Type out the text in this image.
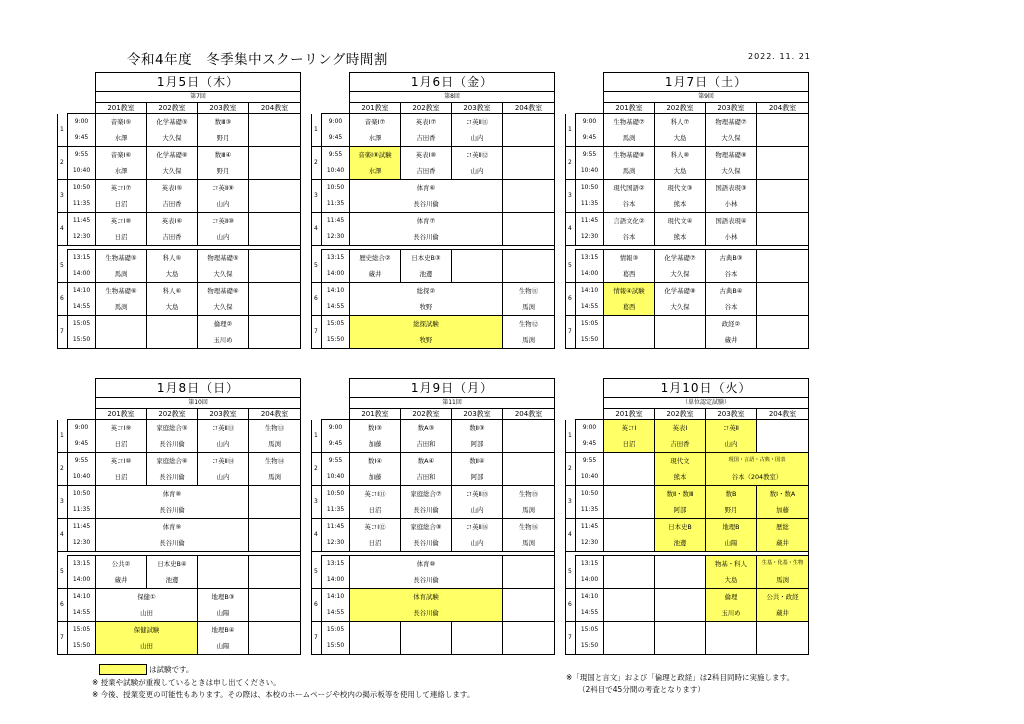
令和4年度　冬季集中スクーリング時間割	2022. 11. 21
		1月5日（木）			
		第7回			
		201教室	202教室	203教室	204教室
1	9:00	音楽Ⅰ⑤	化学基礎⑤	数Ⅲ③	
	9:45	水澤	大久保	野月	
2	9:55	音楽Ⅰ⑥	化学基礎⑥	数Ⅲ④	
	10:40	水澤	大久保	野月	
3	10:50	英コⅠ⑦	英表Ⅰ⑤	コ英Ⅱ⑨	
	11:35	日沼	吉田香	山内	
4	11:45	英コⅠ⑧	英表Ⅰ⑥	コ英Ⅱ⑩	
	12:30	日沼	吉田香	山内	

5	13:15	生物基礎⑤	科人⑤	物理基礎⑤	
	14:00	馬渕	大島	大久保	
6	14:10	生物基礎⑥	科人⑥	物理基礎⑥	
	14:55	馬渕	大島	大久保	
7	15:05			倫理②	
	15:50			玉川め	
		1月6日（金）			
		第8回			
		201教室	202教室	203教室	204教室
1	9:00	音楽Ⅰ⑦	英表Ⅰ⑦	コ英Ⅱ⑪	
	9:45	水澤	吉田香	山内	
2	9:55	音楽Ⅰ⑧試験	英表Ⅰ⑧	コ英Ⅱ⑫	
	10:40	水澤	吉田香	山内	
3	10:50	体育⑥			
	11:35	長谷川倫			
4	11:45	体育⑦			
	12:30	長谷川倫			

5	13:15	歴史総合②	日本史B③		
	14:00	蔵井	池邊		
6	14:10	総探②			生物⑪
	14:55	牧野			馬渕
7	15:05	総探試験			生物⑫
	15:50	牧野			馬渕
		1月7日（土）			
		第9回			
		201教室	202教室	203教室	204教室
1	9:00	生物基礎⑦	科人⑦	物理基礎⑦	
	9:45	馬渕	大島	大久保	
2	9:55	生物基礎⑧	科人⑧	物理基礎⑧	
	10:40	馬渕	大島	大久保	
3	10:50	現代国語②	現代文③	国語表現③	
	11:35	谷本	熊本	小林	
4	11:45	言語文化②	現代文④	国語表現④	
	12:30	谷本	熊本	小林	

5	13:15	情報③	化学基礎⑦	古典B③	
	14:00	葛西	大久保	谷本	
6	14:10	情報④試験	化学基礎⑧	古典B④	
	14:55	葛西	大久保	谷本	
7	15:05			政経②	
	15:50			蔵井	
		1月8日（日）			
		第10回			
		201教室	202教室	203教室	204教室
1	9:00	英コⅠ⑨	家庭総合⑤	コ英Ⅱ⑬	生物⑬
	9:45	日沼	長谷川倫	山内	馬渕
2	9:55	英コⅠ⑩	家庭総合⑥	コ英Ⅱ⑭	生物⑭
	10:40	日沼	長谷川倫	山内	馬渕
3	10:50	体育⑧			
	11:35	長谷川倫			
4	11:45	体育⑨			
	12:30	長谷川倫			

5	13:15	公共②	日本史B④		
	14:00	蔵井	池邊		
6	14:10	保健①		地理B③	
	14:55	山田		山陽	
7	15:05	保健試験		地理B④	
	15:50	山田		山陽	
		1月9日（月）			
		第11回			
		201教室	202教室	203教室	204教室
1	9:00	数Ⅰ③	数A③	数Ⅱ③	
	9:45	加藤	吉田和	阿部	
2	9:55	数Ⅰ④	数A④	数Ⅱ④	
	10:40	加藤	吉田和	阿部	
3	10:50	英コⅠ⑪	家庭総合⑦	コ英Ⅱ⑮	生物⑮
	11:35	日沼	長谷川倫	山内	馬渕
4	11:45	英コⅠ⑫	家庭総合⑧	コ英Ⅱ⑯	生物⑯
	12:30	日沼	長谷川倫	山内	馬渕

5	13:15	体育⑩			
	14:00	長谷川倫			
6	14:10	体育試験			
	14:55	長谷川倫			
7	15:05				
	15:50				
		1月10日（火）			
		（単位認定試験）			
		201教室	202教室	203教室	204教室
1	9:00	英コⅠ	英表Ⅰ	コ英Ⅱ	
	9:45	日沼	吉田香	山内	
2	9:55		現代文	現国・言語・古典・国表	
	10:40		熊本	谷本（204教室）	
3	10:50		数Ⅱ・数Ⅲ	数B	数Ⅰ・数A
	11:35		阿部	野月	加藤
4	11:45		日本史B	地理B	歴総
	12:30		池邊	山陽	蔵井

5	13:15			物基・科人	生基・化基・生物
	14:00			大島	馬渕
6	14:10			倫理	公共・政経
	14:55			玉川め	蔵井
7	15:05				
	15:50				
は試験です。
※ 授業や試験が重複しているときは申し出てください。
※ 今後、授業変更の可能性もあります。その際は、本校のホームページや校内の掲示板等を使用して連絡します。
※「現国と言文」および「倫理と政経」は2科目同時に実施します。
（2科目で45分間の考査となります）
